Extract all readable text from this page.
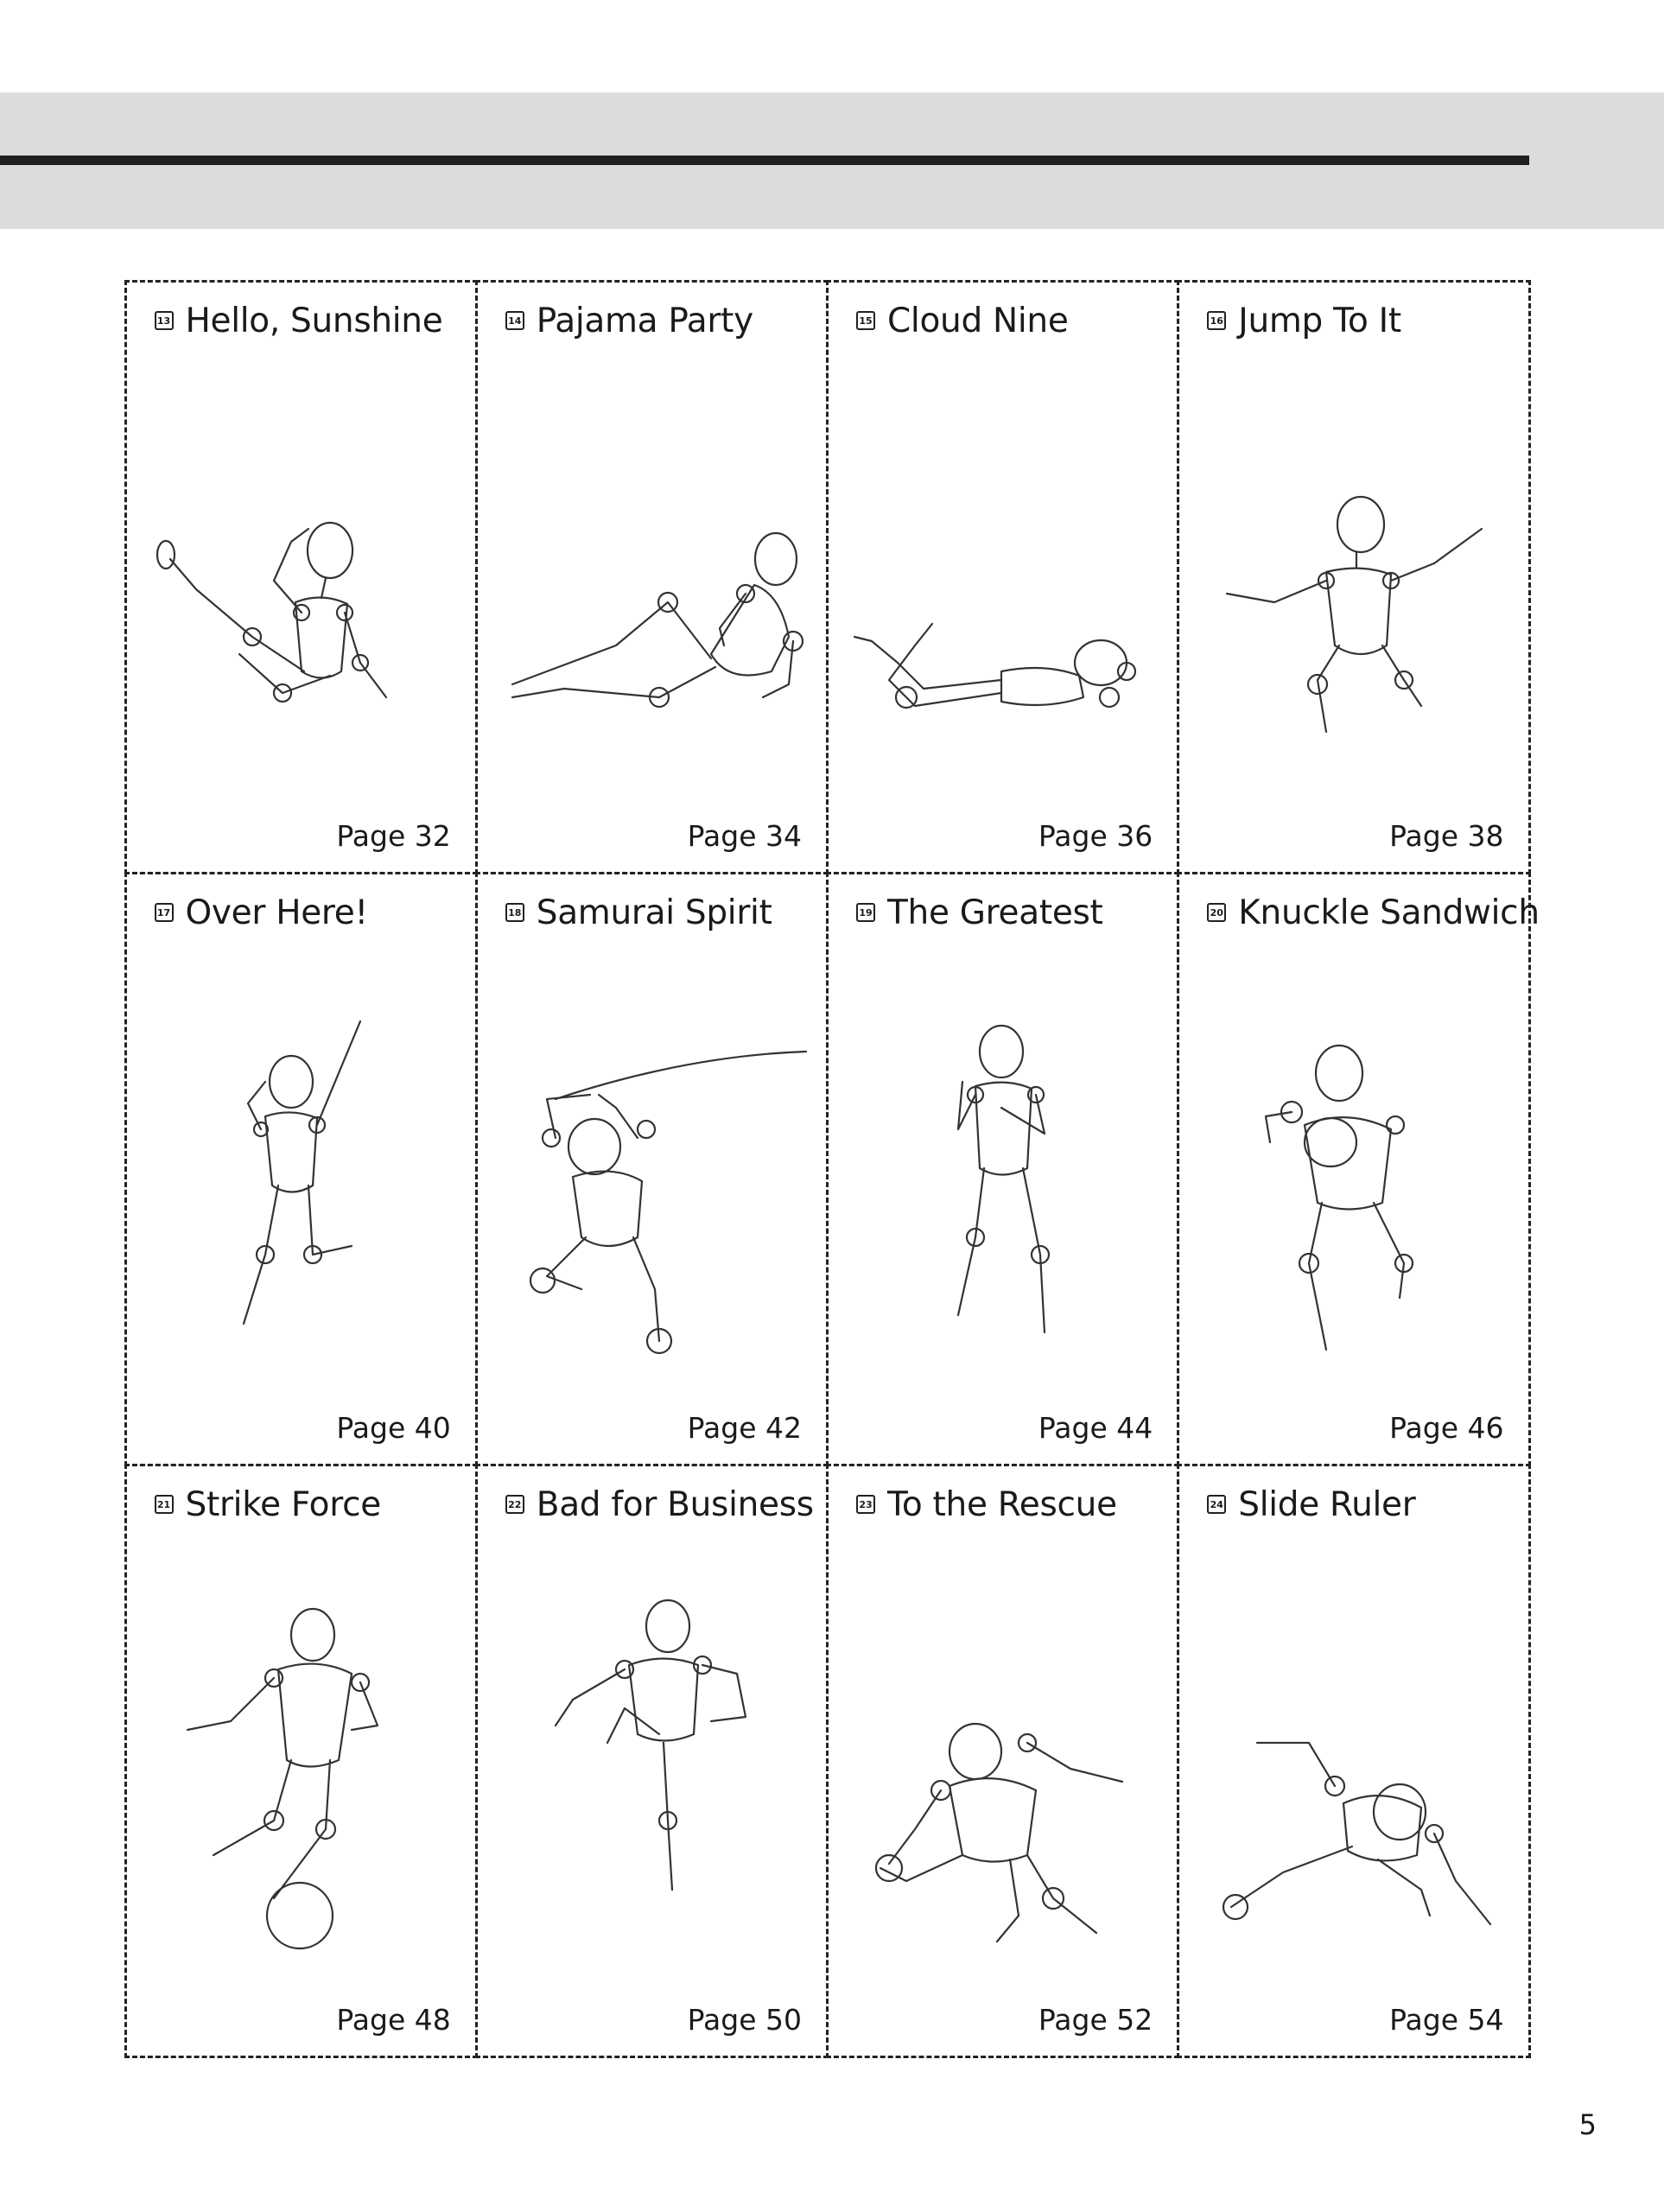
13 Hello, Sunshine
Page 32
14 Pajama Party
Page 34
15 Cloud Nine
Page 36
16 Jump To It
Page 38
17 Over Here!
Page 40
18 Samurai Spirit
Page 42
19 The Greatest
Page 44
20 Knuckle Sandwich
Page 46
21 Strike Force
Page 48
22 Bad for Business
Page 50
23 To the Rescue
Page 52
24 Slide Ruler
Page 54
5
